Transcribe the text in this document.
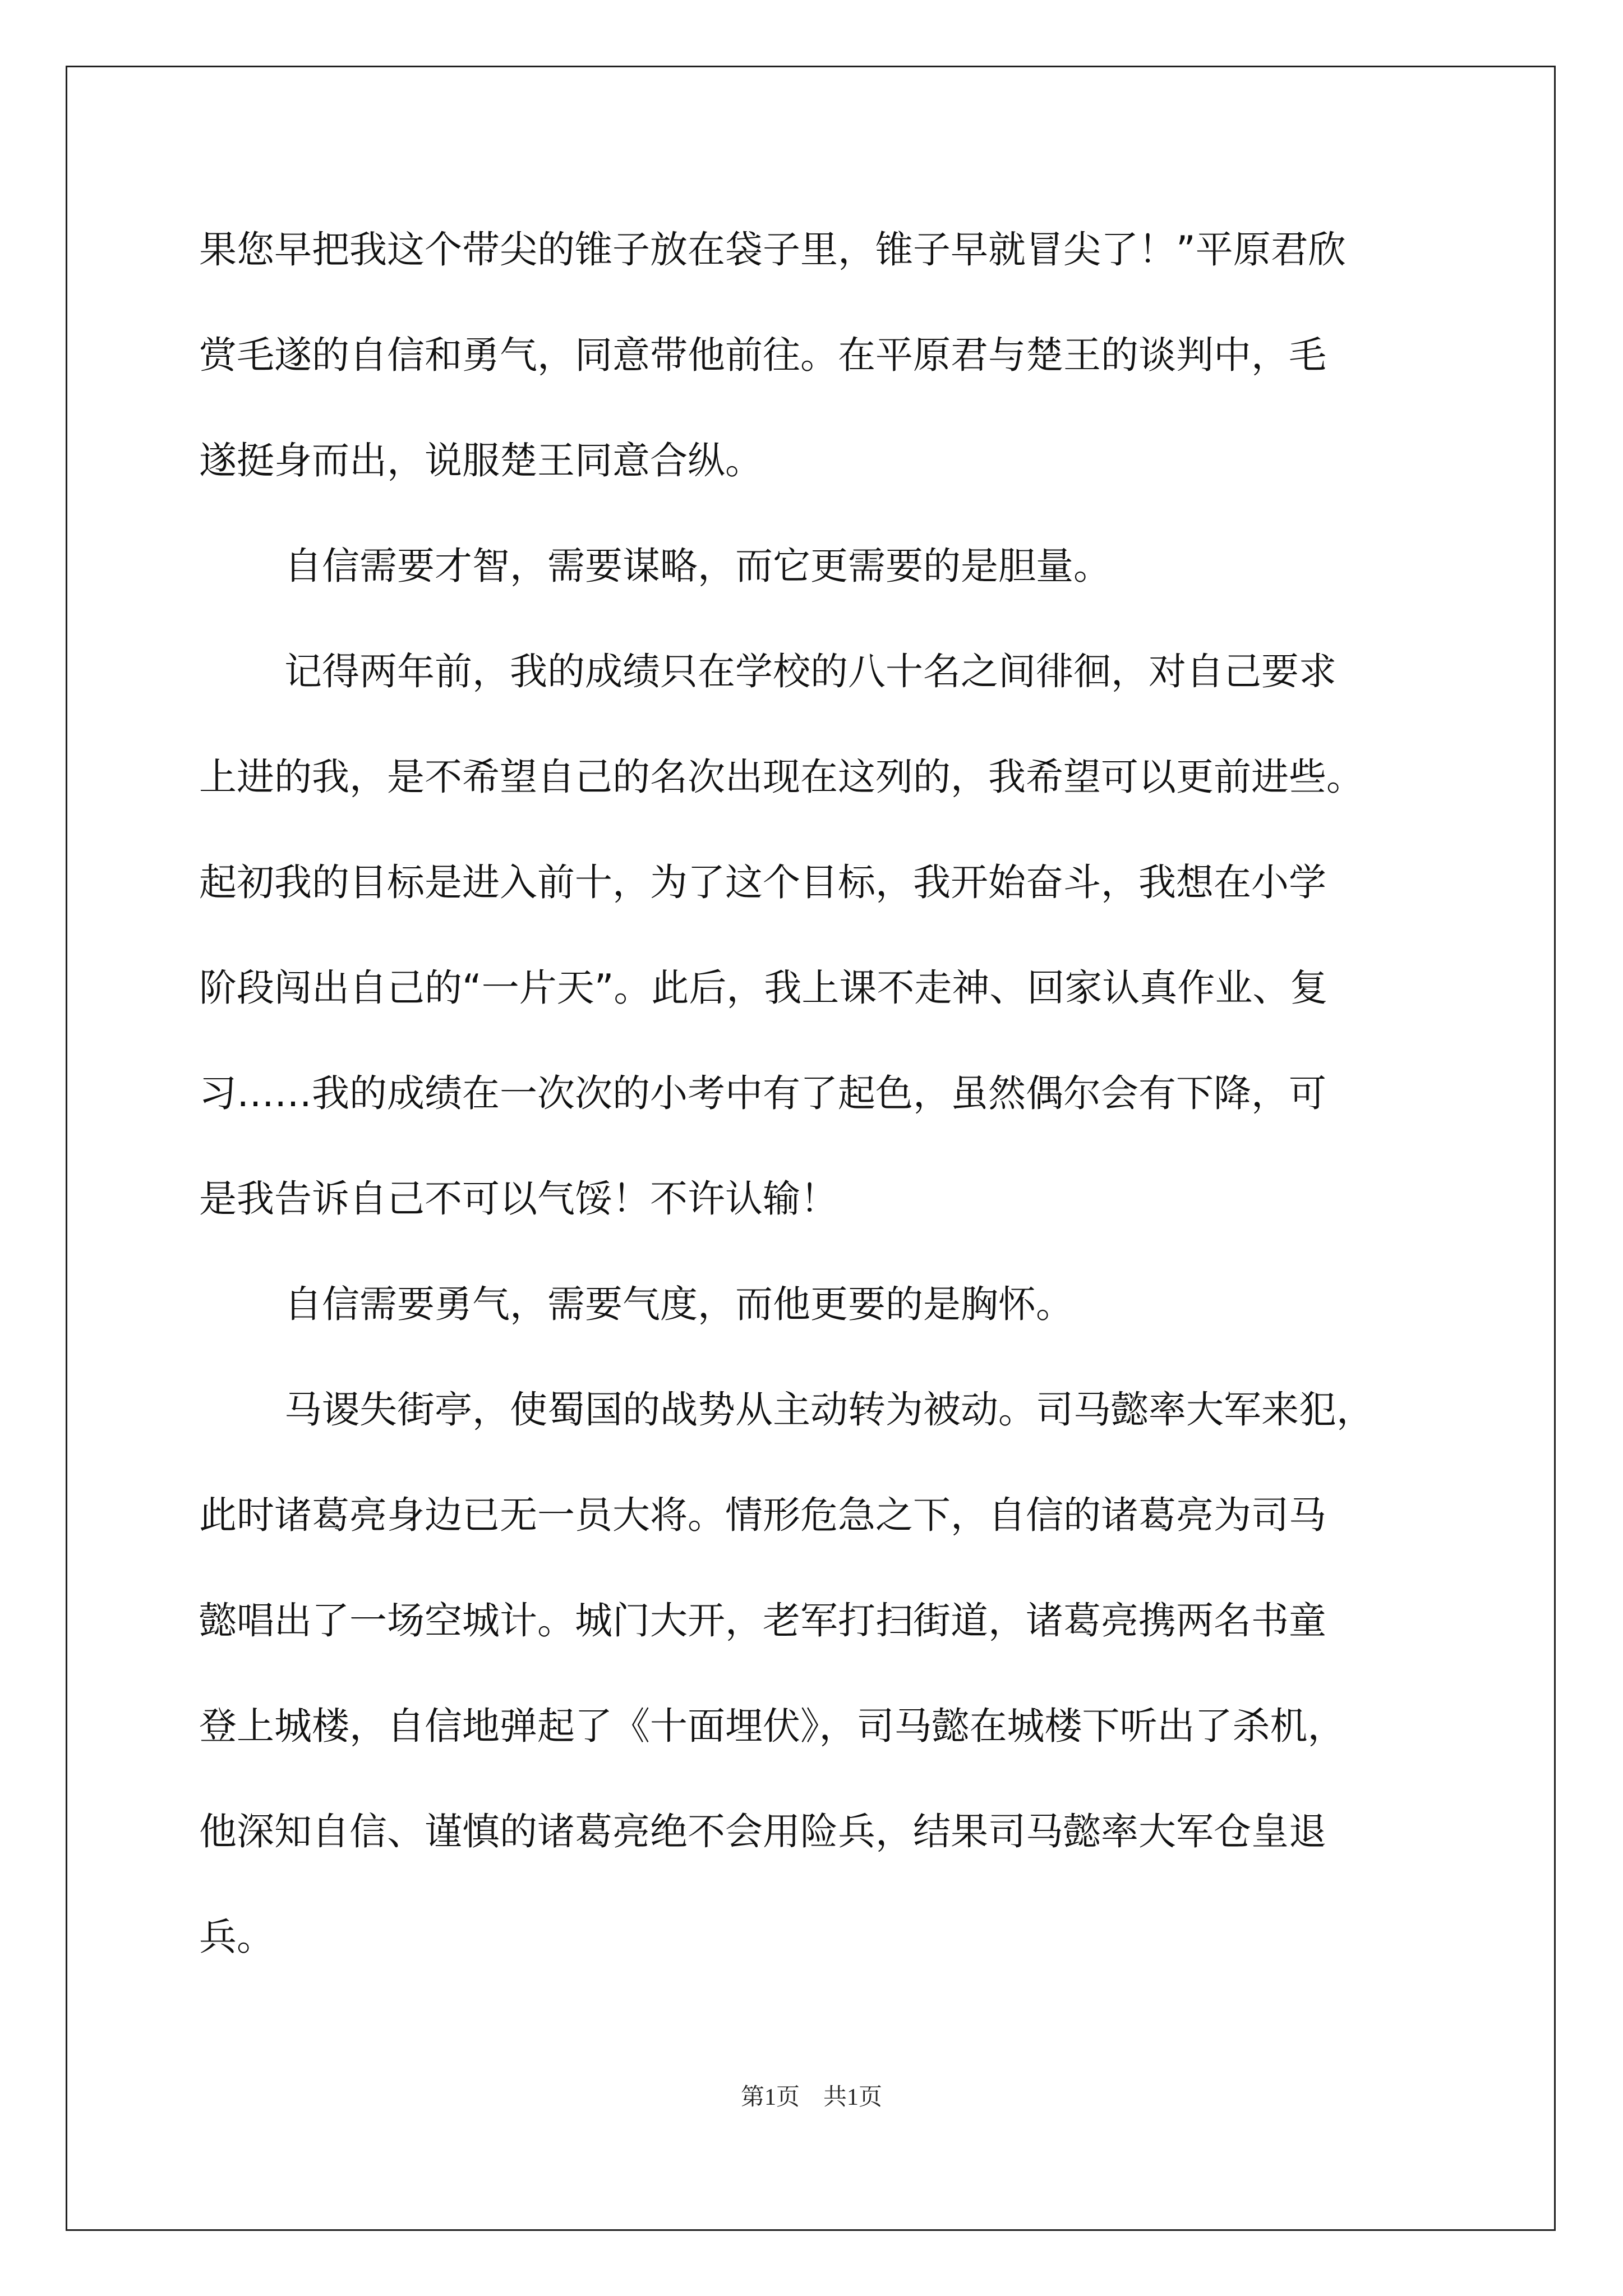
果您早把我这个带尖的锥子放在袋子里，锥子早就冒尖了！”平原君欣
赏毛遂的自信和勇气，同意带他前往。在平原君与楚王的谈判中，毛
遂挺身而出，说服楚王同意合纵。
自信需要才智，需要谋略，而它更需要的是胆量。
记得两年前，我的成绩只在学校的八十名之间徘徊，对自己要求
上进的我，是不希望自己的名次出现在这列的，我希望可以更前进些。
起初我的目标是进入前十，为了这个目标，我开始奋斗，我想在小学
阶段闯出自己的“一片天”。此后，我上课不走神、回家认真作业、复
习……我的成绩在一次次的小考中有了起色，虽然偶尔会有下降，可
是我告诉自己不可以气馁！不许认输！
自信需要勇气，需要气度，而他更要的是胸怀。
马谡失街亭，使蜀国的战势从主动转为被动。司马懿率大军来犯，
此时诸葛亮身边已无一员大将。情形危急之下，自信的诸葛亮为司马
懿唱出了一场空城计。城门大开，老军打扫街道，诸葛亮携两名书童
登上城楼，自信地弹起了《十面埋伏》，司马懿在城楼下听出了杀机，
他深知自信、谨慎的诸葛亮绝不会用险兵，结果司马懿率大军仓皇退
兵。
第1页　共1页
